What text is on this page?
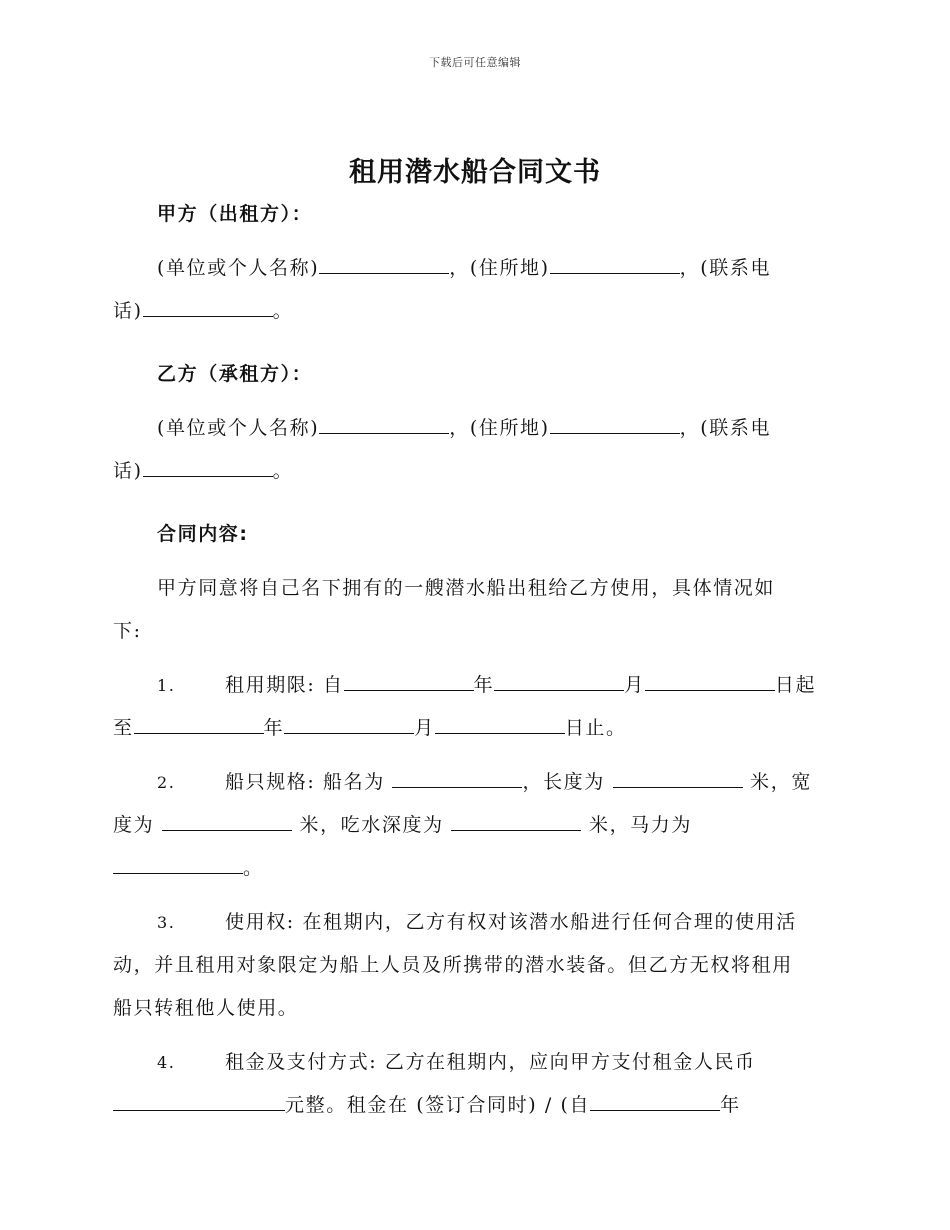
下载后可任意编辑
租用潜水船合同文书
甲方（出租方）：
(单位或个人名称)	，(住所地)	，(联系电
话)	。
乙方（承租方）：
(单位或个人名称)	，(住所地)	，(联系电
话)	。
合同内容:
甲方同意将自己名下拥有的一艘潜水船出租给乙方使用，具体情况如
下:
1.	租用期限: 自	年	月	日起
至	年	月	日止。
2.	船只规格: 船名为	，长度为	米，宽
度为	米，吃水深度为	米，马力为
。
3.	使用权: 在租期内，乙方有权对该潜水船进行任何合理的使用活
动，并且租用对象限定为船上人员及所携带的潜水装备。但乙方无权将租用
船只转租他人使用。
4.	租金及支付方式: 乙方在租期内，应向甲方支付租金人民币
元整。租金在 (签订合同时) / (自	年
